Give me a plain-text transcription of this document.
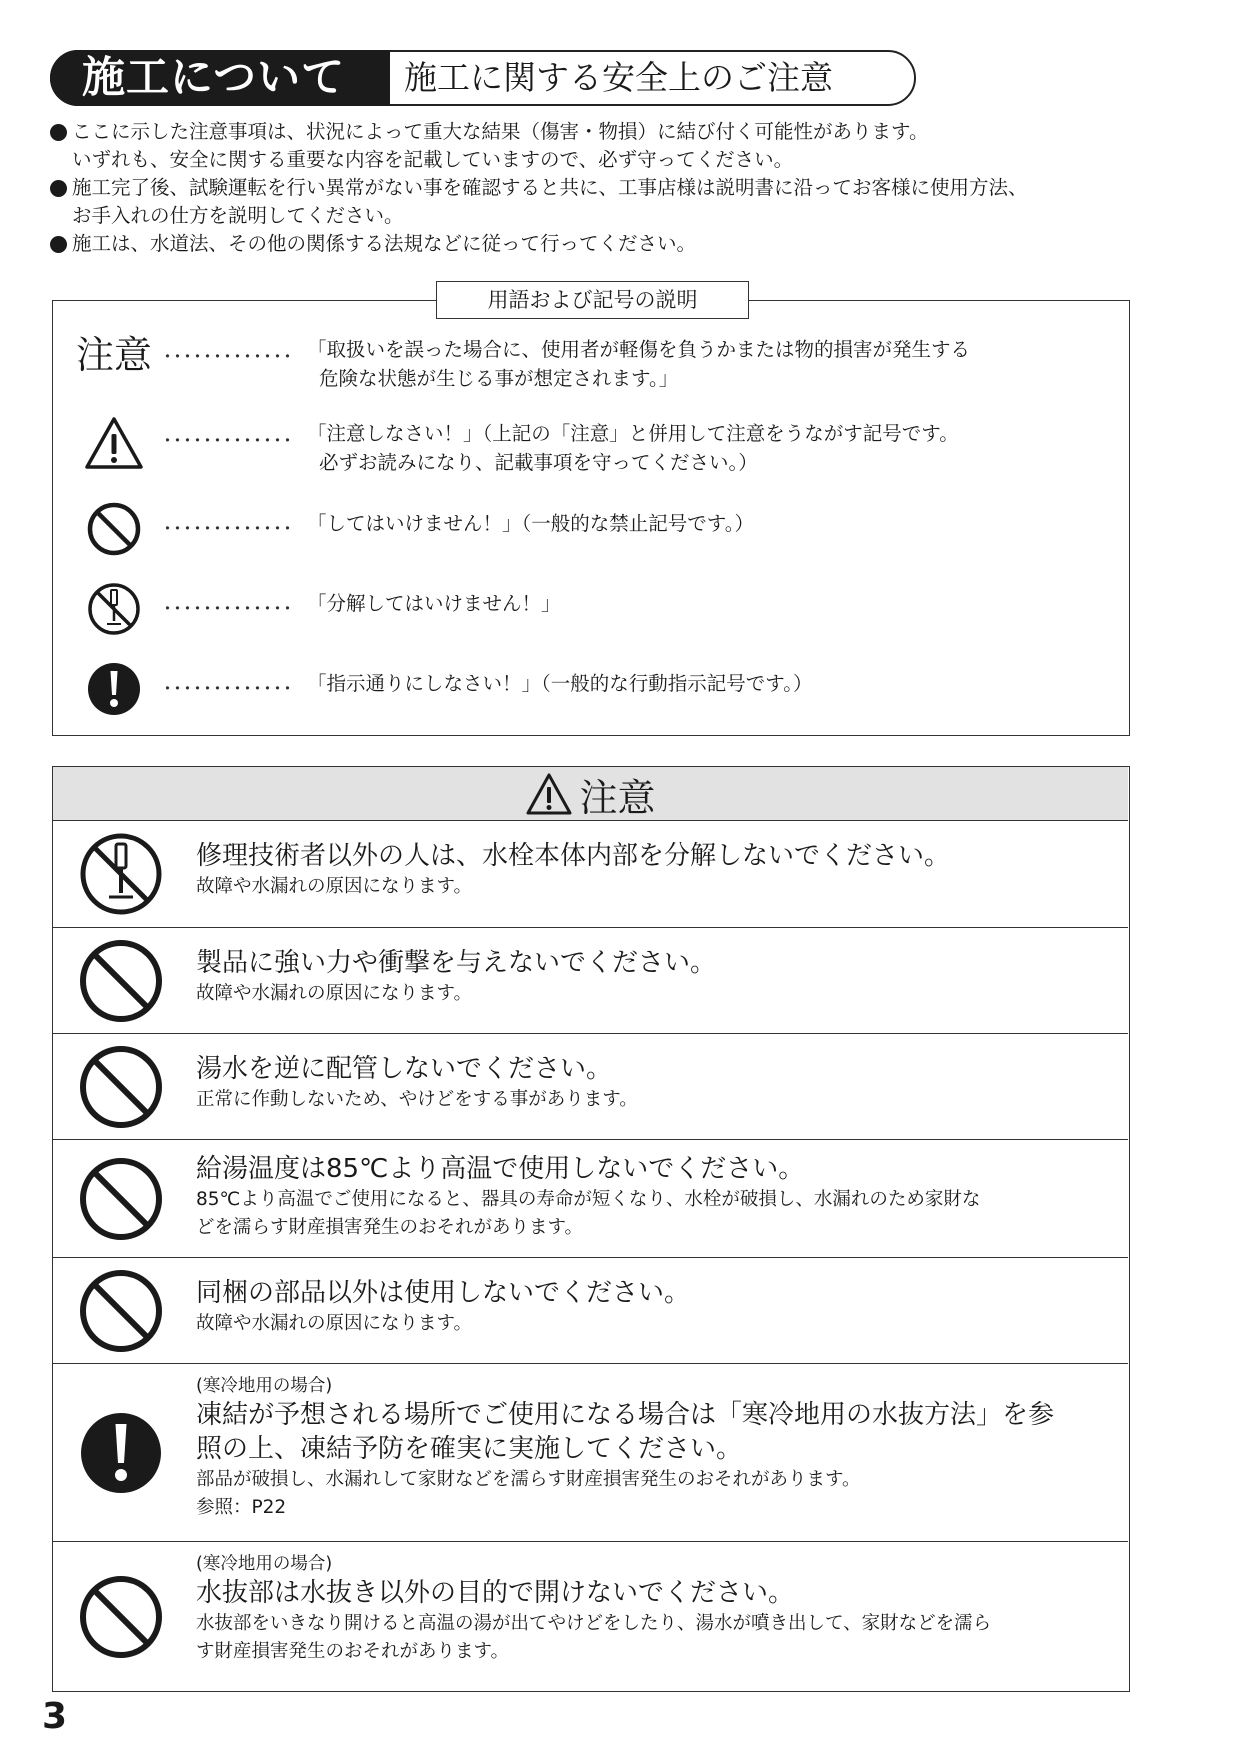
施工について	施工に関する安全上のご注意
ここに示した注意事項は、状況によって重大な結果（傷害・物損）に結び付く可能性があります。
いずれも、安全に関する重要な内容を記載していますので、必ず守ってください。
施工完了後、試験運転を行い異常がない事を確認すると共に、工事店様は説明書に沿ってお客様に使用方法、
お手入れの仕方を説明してください。
施工は、水道法、その他の関係する法規などに従って行ってください。
用語および記号の説明
注意 ･････････････ 「取扱いを誤った場合に、使用者が軽傷を負うかまたは物的損害が発生する
危険な状態が生じる事が想定されます。」
･････････････ 「注意しなさい！」（上記の「注意」と併用して注意をうながす記号です。
必ずお読みになり、記載事項を守ってください。）
･････････････ 「してはいけません！」（一般的な禁止記号です。）
･････････････ 「分解してはいけません！」
･････････････ 「指示通りにしなさい！」（一般的な行動指示記号です。）
注意
修理技術者以外の人は、水栓本体内部を分解しないでください。
故障や水漏れの原因になります。
製品に強い力や衝撃を与えないでください。
故障や水漏れの原因になります。
湯水を逆に配管しないでください。
正常に作動しないため、やけどをする事があります。
給湯温度は85℃より高温で使用しないでください。
85℃より高温でご使用になると、器具の寿命が短くなり、水栓が破損し、水漏れのため家財な
どを濡らす財産損害発生のおそれがあります。
同梱の部品以外は使用しないでください。
故障や水漏れの原因になります。
(寒冷地用の場合)
凍結が予想される場所でご使用になる場合は「寒冷地用の水抜方法」を参
照の上、凍結予防を確実に実施してください。
部品が破損し、水漏れして家財などを濡らす財産損害発生のおそれがあります。
参照：P22
(寒冷地用の場合)
水抜部は水抜き以外の目的で開けないでください。
水抜部をいきなり開けると高温の湯が出てやけどをしたり、湯水が噴き出して、家財などを濡ら
す財産損害発生のおそれがあります。
3
